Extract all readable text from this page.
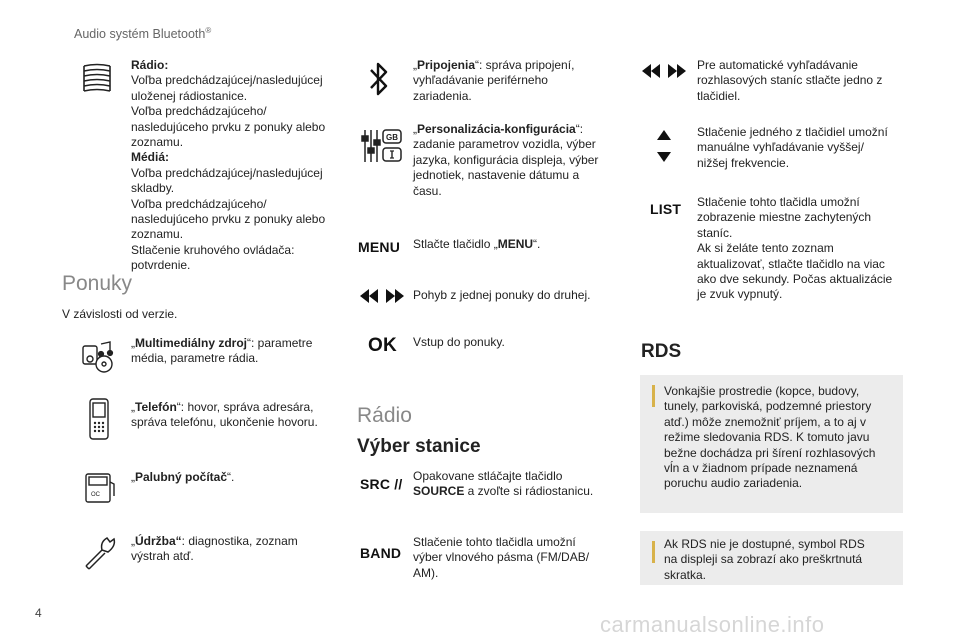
Audio systém Bluetooth®
Rádio:
Voľba predchádzajúcej/nasledujúcej
uloženej rádiostanice.
Voľba predchádzajúceho/
nasledujúceho prvku z ponuky alebo
zoznamu.
Médiá:
Voľba predchádzajúcej/nasledujúcej
skladby.
Voľba predchádzajúceho/
nasledujúceho prvku z ponuky alebo
zoznamu.
Stlačenie kruhového ovládača:
potvrdenie.
Ponuky
V závislosti od verzie.
„Multimediálny zdroj“: parametre
média, parametre rádia.
„Telefón“: hovor, správa adresára,
správa telefónu, ukončenie hovoru.
OC
„Palubný počítač“.
„Údržba“: diagnostika, zoznam
výstrah atď.
„Pripojenia“: správa pripojení,
vyhľadávanie periférneho
zariadenia.
GB
„Personalizácia-konfigurácia“:
zadanie parametrov vozidla, výber
jazyka, konfigurácia displeja, výber
jednotiek, nastavenie dátumu a
času.
MENU Stlačte tlačidlo „MENU“.
Pohyb z jednej ponuky do druhej.
OK Vstup do ponuky.
Rádio
Výber stanice
SRC // Opakovane stláčajte tlačidlo
SOURCE a zvoľte si rádiostanicu.
BAND
Stlačenie tohto tlačidla umožní
výber vlnového pásma (FM/DAB/
AM).
Pre automatické vyhľadávanie
rozhlasových staníc stlačte jedno z
tlačidiel.
Stlačenie jedného z tlačidiel umožní
manuálne vyhľadávanie vyššej/
nižšej frekvencie.
LIST Stlačenie tohto tlačidla umožní
zobrazenie miestne zachytených
staníc.
Ak si želáte tento zoznam
aktualizovať, stlačte tlačidlo na viac
ako dve sekundy. Počas aktualizácie
je zvuk vypnutý.
RDS
Vonkajšie prostredie (kopce, budovy,
tunely, parkoviská, podzemné priestory
atď.) môže znemožniť príjem, a to aj v
režime sledovania RDS. K tomuto javu
bežne dochádza pri šírení rozhlasových
vĺn a v žiadnom prípade neznamená
poruchu audio zariadenia.
Ak RDS nie je dostupné, symbol RDS
na displeji sa zobrazí ako preškrtnutá
skratka.
4	carmanualsonline.info
